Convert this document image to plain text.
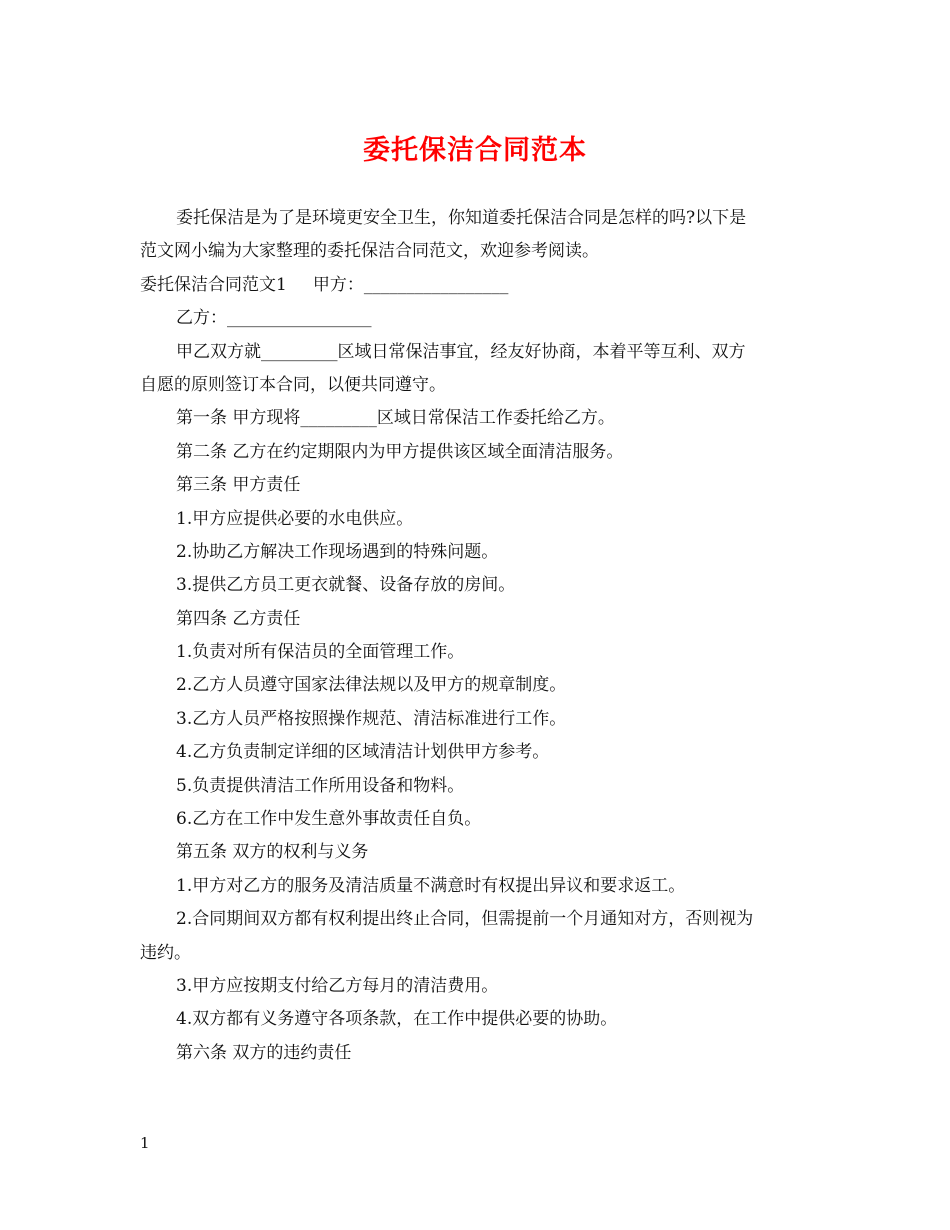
委托保洁合同范本

委托保洁是为了是环境更安全卫生，你知道委托保洁合同是怎样的吗?以下是

范文网小编为大家整理的委托保洁合同范文，欢迎参考阅读。

委托保洁合同范文1 甲方：_________________

乙方：_________________

甲乙双方就_________区域日常保洁事宜，经友好协商，本着平等互利、双方

自愿的原则签订本合同，以便共同遵守。

第一条 甲方现将_________区域日常保洁工作委托给乙方。

第二条 乙方在约定期限内为甲方提供该区域全面清洁服务。

第三条 甲方责任

1.甲方应提供必要的水电供应。

2.协助乙方解决工作现场遇到的特殊问题。

3.提供乙方员工更衣就餐、设备存放的房间。

第四条 乙方责任

1.负责对所有保洁员的全面管理工作。

2.乙方人员遵守国家法律法规以及甲方的规章制度。

3.乙方人员严格按照操作规范、清洁标准进行工作。

4.乙方负责制定详细的区域清洁计划供甲方参考。

5.负责提供清洁工作所用设备和物料。

6.乙方在工作中发生意外事故责任自负。

第五条 双方的权利与义务

1.甲方对乙方的服务及清洁质量不满意时有权提出异议和要求返工。

2.合同期间双方都有权利提出终止合同，但需提前一个月通知对方，否则视为

违约。

3.甲方应按期支付给乙方每月的清洁费用。

4.双方都有义务遵守各项条款，在工作中提供必要的协助。

第六条 双方的违约责任

1
